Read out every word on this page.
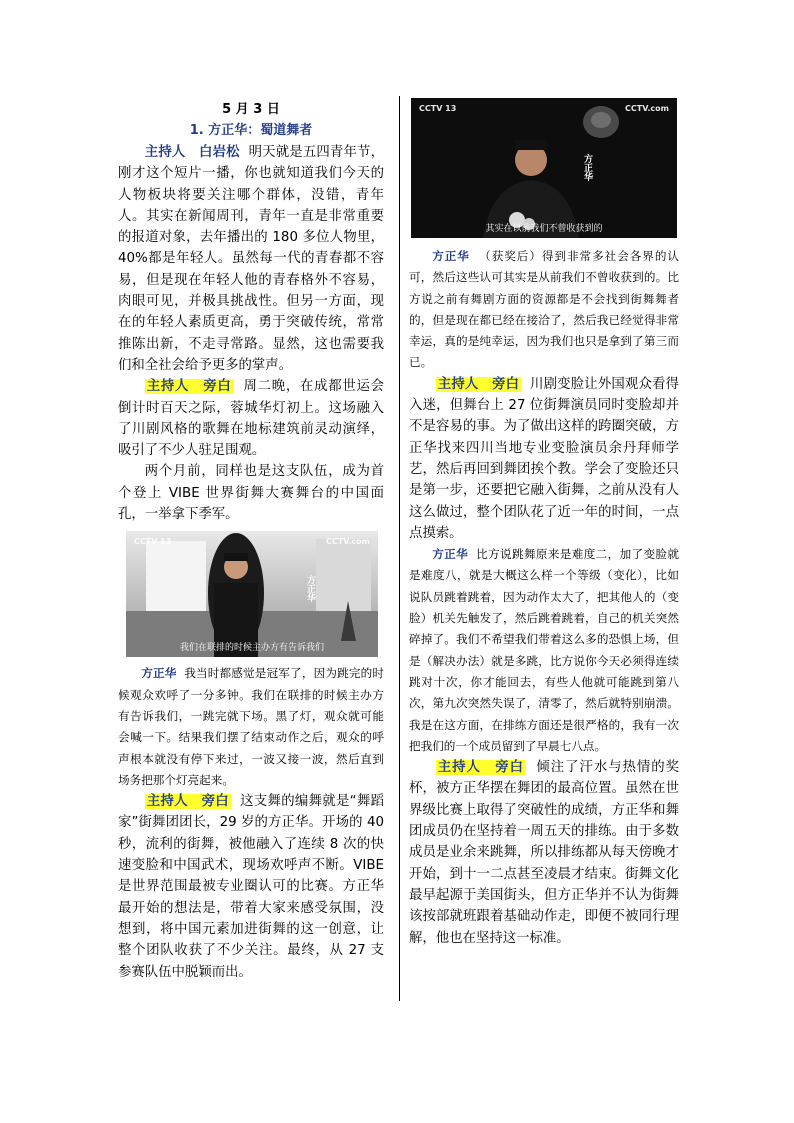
5 月 3 日
1. 方正华：蜀道舞者

主持人　白岩松 明天就是五四青年节，刚才这个短片一播，你也就知道我们今天的人物板块将要关注哪个群体，没错，青年人。其实在新闻周刊，青年一直是非常重要的报道对象，去年播出的 180 多位人物里，40%都是年轻人。虽然每一代的青春都不容易，但是现在年轻人他的青春格外不容易，肉眼可见，并极具挑战性。但另一方面，现在的年轻人素质更高，勇于突破传统，常常推陈出新，不走寻常路。显然，这也需要我们和全社会给予更多的掌声。

主持人　旁白 周二晚，在成都世运会倒计时百天之际，蓉城华灯初上。这场融入了川剧风格的歌舞在地标建筑前灵动演绎，吸引了不少人驻足围观。

两个月前，同样也是这支队伍，成为首个登上 VIBE 世界街舞大赛舞台的中国面孔，一举拿下季军。

CCTV 13	CCTV.com
方正华
我们在联排的时候主办方有告诉我们

方正华 我当时都感觉是冠军了，因为跳完的时候观众欢呼了一分多钟。我们在联排的时候主办方有告诉我们，一跳完就下场。黑了灯，观众就可能会喊一下。结果我们摆了结束动作之后，观众的呼声根本就没有停下来过，一波又接一波，然后直到场务把那个灯亮起来。

主持人　旁白 这支舞的编舞就是“舞蹈家”街舞团团长，29 岁的方正华。开场的 40 秒，流利的街舞，被他融入了连续 8 次的快速变脸和中国武术，现场欢呼声不断。VIBE 是世界范围最被专业圈认可的比赛。方正华最开始的想法是，带着大家来感受氛围，没想到，将中国元素加进街舞的这一创意，让整个团队收获了不少关注。最终，从 27 支参赛队伍中脱颖而出。

CCTV 13	CCTV.com
方正华
其实在以前我们不曾收获到的

方正华 （获奖后）得到非常多社会各界的认可，然后这些认可其实是从前我们不曾收获到的。比方说之前有舞剧方面的资源都是不会找到街舞舞者的，但是现在都已经在接洽了，然后我已经觉得非常幸运，真的是纯幸运，因为我们也只是拿到了第三而已。

主持人　旁白 川剧变脸让外国观众看得入迷，但舞台上 27 位街舞演员同时变脸却并不是容易的事。为了做出这样的跨圈突破，方正华找来四川当地专业变脸演员余丹拜师学艺，然后再回到舞团挨个教。学会了变脸还只是第一步，还要把它融入街舞，之前从没有人这么做过，整个团队花了近一年的时间，一点点摸索。

方正华 比方说跳舞原来是难度二，加了变脸就是难度八，就是大概这么样一个等级（变化），比如说队员跳着跳着，因为动作太大了，把其他人的（变脸）机关先触发了，然后跳着跳着，自己的机关突然碎掉了。我们不希望我们带着这么多的恐惧上场，但是（解决办法）就是多跳，比方说你今天必须得连续跳对十次，你才能回去，有些人他就可能跳到第八次，第九次突然失误了，清零了，然后就特别崩溃。我是在这方面，在排练方面还是很严格的，我有一次把我们的一个成员留到了早晨七八点。

主持人　旁白 倾注了汗水与热情的奖杯，被方正华摆在舞团的最高位置。虽然在世界级比赛上取得了突破性的成绩，方正华和舞团成员仍在坚持着一周五天的排练。由于多数成员是业余来跳舞，所以排练都从每天傍晚才开始，到十一二点甚至凌晨才结束。街舞文化最早起源于美国街头，但方正华并不认为街舞该按部就班跟着基础动作走，即便不被同行理解，他也在坚持这一标准。
